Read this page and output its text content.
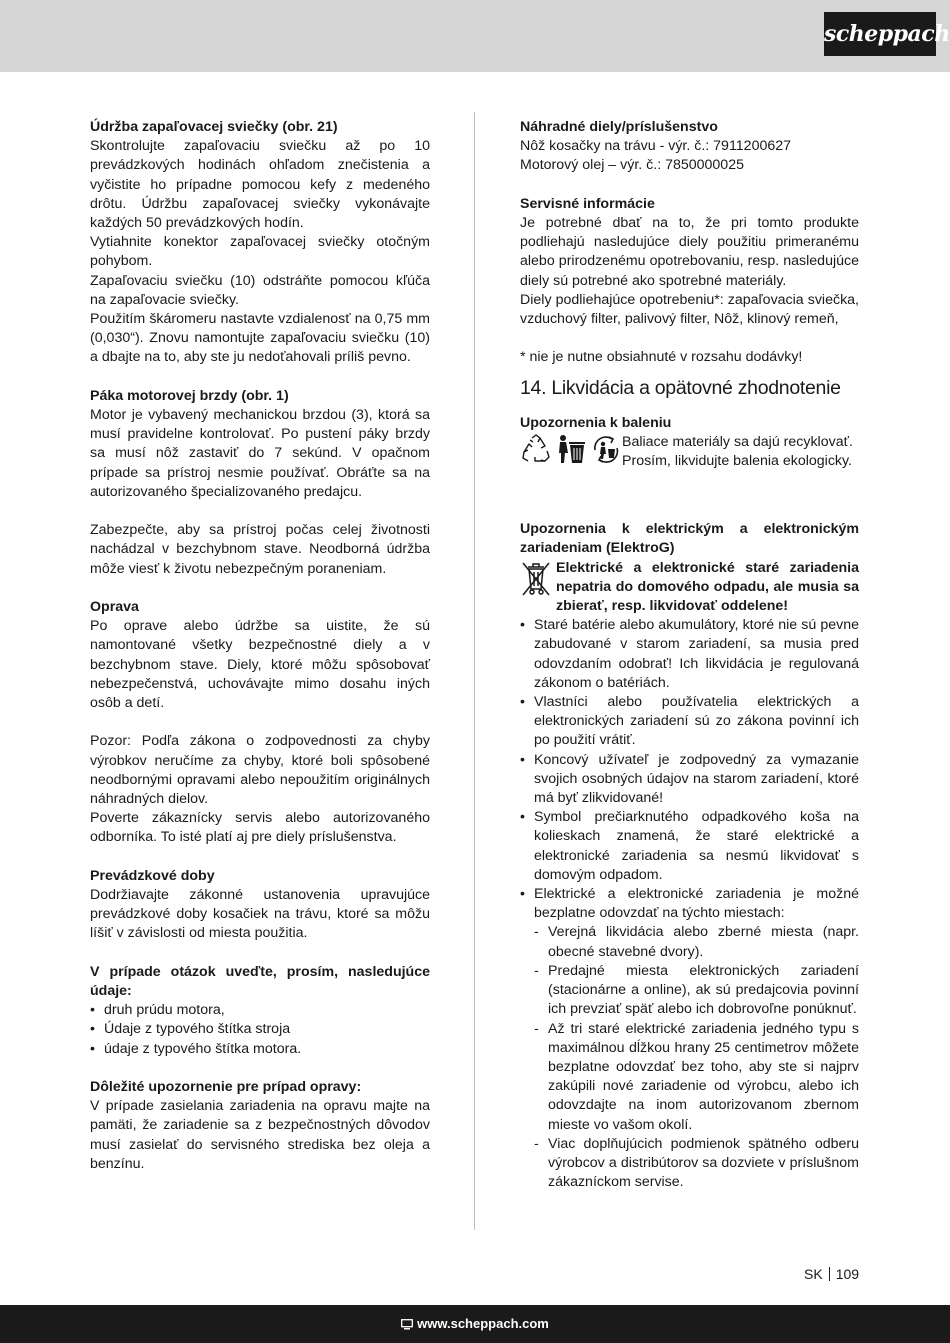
scheppach
Údržba zapaľovacej sviečky (obr. 21)

Skontrolujte zapaľovaciu sviečku až po 10 prevádzkových hodinách ohľadom znečistenia a vyčistite ho prípadne pomocou kefy z medeného drôtu. Údržbu zapaľovacej sviečky vykonávajte každých 50 prevádzkových hodín.

Vytiahnite konektor zapaľovacej sviečky otočným pohybom.

Zapaľovaciu sviečku (10) odstráňte pomocou kľúča na zapaľovacie sviečky.

Použitím škáromeru nastavte vzdialenosť na 0,75 mm (0,030“). Znovu namontujte zapaľovaciu sviečku (10) a dbajte na to, aby ste ju nedoťahovali príliš pevno.

Páka motorovej brzdy (obr. 1)

Motor je vybavený mechanickou brzdou (3), ktorá sa musí pravidelne kontrolovať. Po pustení páky brzdy sa musí nôž zastaviť do 7 sekúnd. V opačnom prípade sa prístroj nesmie používať. Obráťte sa na autorizovaného špecializovaného predajcu.

Zabezpečte, aby sa prístroj počas celej životnosti nachádzal v bezchybnom stave. Neodborná údržba môže viesť k životu nebezpečným poraneniam.

Oprava

Po oprave alebo údržbe sa uistite, že sú namontované všetky bezpečnostné diely a v bezchybnom stave. Diely, ktoré môžu spôsobovať nebezpečenstvá, uchovávajte mimo dosahu iných osôb a detí.

Pozor: Podľa zákona o zodpovednosti za chyby výrobkov neručíme za chyby, ktoré boli spôsobené neodbornými opravami alebo nepoužitím originálnych náhradných dielov.

Poverte zákaznícky servis alebo autorizovaného odborníka. To isté platí aj pre diely príslušenstva.

Prevádzkové doby

Dodržiavajte zákonné ustanovenia upravujúce prevádzkové doby kosačiek na trávu, ktoré sa môžu líšiť v závislosti od miesta použitia.

V prípade otázok uveďte, prosím, nasledujúce údaje:
• druh prúdu motora,
• Údaje z typového štítka stroja
• údaje z typového štítka motora.
Dôležité upozornenie pre prípad opravy:

V prípade zasielania zariadenia na opravu majte na pamäti, že zariadenie sa z bezpečnostných dôvodov musí zasielať do servisného strediska bez oleja a benzínu.

Náhradné diely/príslušenstvo

Nôž kosačky na trávu - výr. č.: 7911200627

Motorový olej – výr. č.: 7850000025

Servisné informácie

Je potrebné dbať na to, že pri tomto produkte podliehajú nasledujúce diely použitiu primeranému alebo prirodzenému opotrebovaniu, resp. nasledujúce diely sú potrebné ako spotrebné materiály.

Diely podliehajúce opotrebeniu*: zapaľovacia sviečka, vzduchový filter, palivový filter, Nôž, klinový remeň,

* nie je nutne obsiahnuté v rozsahu dodávky!

14. Likvidácia a opätovné zhodnotenie
Upozornenia k baleniu

Baliace materiály sa dajú recyklovať.

Prosím, likvidujte balenia ekologicky.

Upozornenia k elektrickým a elektronickým zariadeniam (ElektroG)
Elektrické a elektronické staré zariadenia nepatria do domového odpadu, ale musia sa zbierať, resp. likvidovať oddelene!
• Staré batérie alebo akumulátory, ktoré nie sú pevne zabudované v starom zariadení, sa musia pred odovzdaním odobrať! Ich likvidácia je regulovaná zákonom o batériách.
• Vlastníci alebo používatelia elektrických a elektronických zariadení sú zo zákona povinní ich po použití vrátiť.
• Koncový užívateľ je zodpovedný za vymazanie svojich osobných údajov na starom zariadení, ktoré má byť zlikvidované!
• Symbol prečiarknutého odpadkového koša na kolieskach znamená, že staré elektrické a elektronické zariadenia sa nesmú likvidovať s domovým odpadom.
• Elektrické a elektronické zariadenia je možné bezplatne odovzdať na týchto miestach:
- Verejná likvidácia alebo zberné miesta (napr. obecné stavebné dvory).
- Predajné miesta elektronických zariadení (stacionárne a online), ak sú predajcovia povinní ich prevziať späť alebo ich dobrovoľne ponúknuť.
- Až tri staré elektrické zariadenia jedného typu s maximálnou dĺžkou hrany 25 centimetrov môžete bezplatne odovzdať bez toho, aby ste si najprv zakúpili nové zariadenie od výrobcu, alebo ich odovzdajte na inom autorizovanom zbernom mieste vo vašom okolí.
- Viac doplňujúcich podmienok spätného odberu výrobcov a distribútorov sa dozviete v príslušnom zákazníckom servise.
SK 109
www.scheppach.com
